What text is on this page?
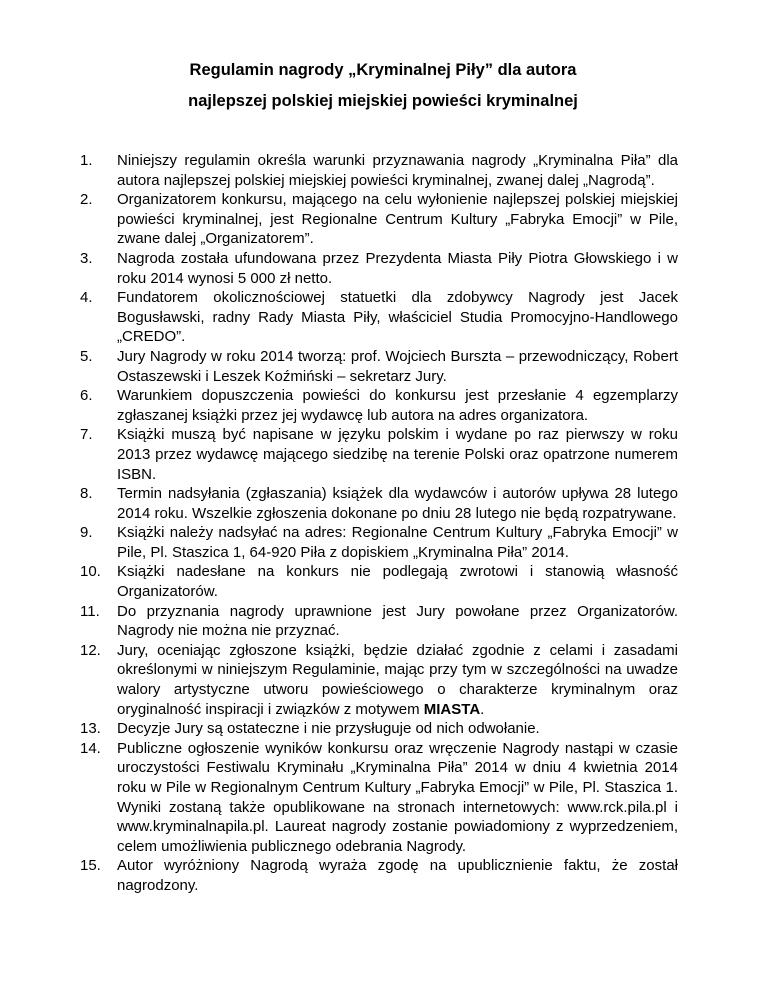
Regulamin nagrody „Kryminalnej Piły” dla autora
najlepszej polskiej miejskiej powieści kryminalnej
1.	Niniejszy regulamin określa warunki przyznawania nagrody „Kryminalna Piła” dla autora najlepszej polskiej miejskiej powieści kryminalnej, zwanej dalej „Nagrodą”.
2.	Organizatorem konkursu, mającego na celu wyłonienie najlepszej polskiej miejskiej powieści kryminalnej, jest Regionalne Centrum Kultury „Fabryka Emocji” w Pile, zwane dalej „Organizatorem”.
3.	Nagroda została ufundowana przez Prezydenta Miasta Piły Piotra Głowskiego i w roku 2014 wynosi 5 000 zł netto.
4.	Fundatorem okolicznościowej statuetki dla zdobywcy Nagrody jest Jacek Bogusławski, radny Rady Miasta Piły, właściciel Studia Promocyjno-Handlowego „CREDO”.
5.	Jury Nagrody w roku 2014 tworzą: prof. Wojciech Burszta – przewodniczący, Robert Ostaszewski i Leszek Koźmiński – sekretarz Jury.
6.	Warunkiem dopuszczenia powieści do konkursu jest przesłanie 4 egzemplarzy zgłaszanej książki przez jej wydawcę lub autora na adres organizatora.
7.	Książki muszą być napisane w języku polskim i wydane po raz pierwszy w roku 2013 przez wydawcę mającego siedzibę na terenie Polski oraz opatrzone numerem ISBN.
8.	Termin nadsyłania (zgłaszania) książek dla wydawców i autorów upływa 28 lutego 2014 roku. Wszelkie zgłoszenia dokonane po dniu 28 lutego nie będą rozpatrywane.
9.	Książki należy nadsyłać na adres: Regionalne Centrum Kultury „Fabryka Emocji” w Pile, Pl. Staszica 1, 64-920 Piła z dopiskiem „Kryminalna Piła” 2014.
10.	Książki nadesłane na konkurs nie podlegają zwrotowi i stanowią własność Organizatorów.
11.	Do przyznania nagrody uprawnione jest Jury powołane przez Organizatorów. Nagrody nie można nie przyznać.
12.	Jury, oceniając zgłoszone książki, będzie działać zgodnie z celami i zasadami określonymi w niniejszym Regulaminie, mając przy tym w szczególności na uwadze walory artystyczne utworu powieściowego o charakterze kryminalnym oraz oryginalność inspiracji i związków z motywem MIASTA.
13.	Decyzje Jury są ostateczne i nie przysługuje od nich odwołanie.
14.	Publiczne ogłoszenie wyników konkursu oraz wręczenie Nagrody nastąpi w czasie uroczystości Festiwalu Kryminału „Kryminalna Piła” 2014 w dniu 4 kwietnia 2014 roku w Pile w Regionalnym Centrum Kultury „Fabryka Emocji” w Pile, Pl. Staszica 1. Wyniki zostaną także opublikowane na stronach internetowych: www.rck.pila.pl i www.kryminalnapila.pl. Laureat nagrody zostanie powiadomiony z wyprzedzeniem, celem umożliwienia publicznego odebrania Nagrody.
15.	Autor wyróżniony Nagrodą wyraża zgodę na upublicznienie faktu, że został nagrodzony.
